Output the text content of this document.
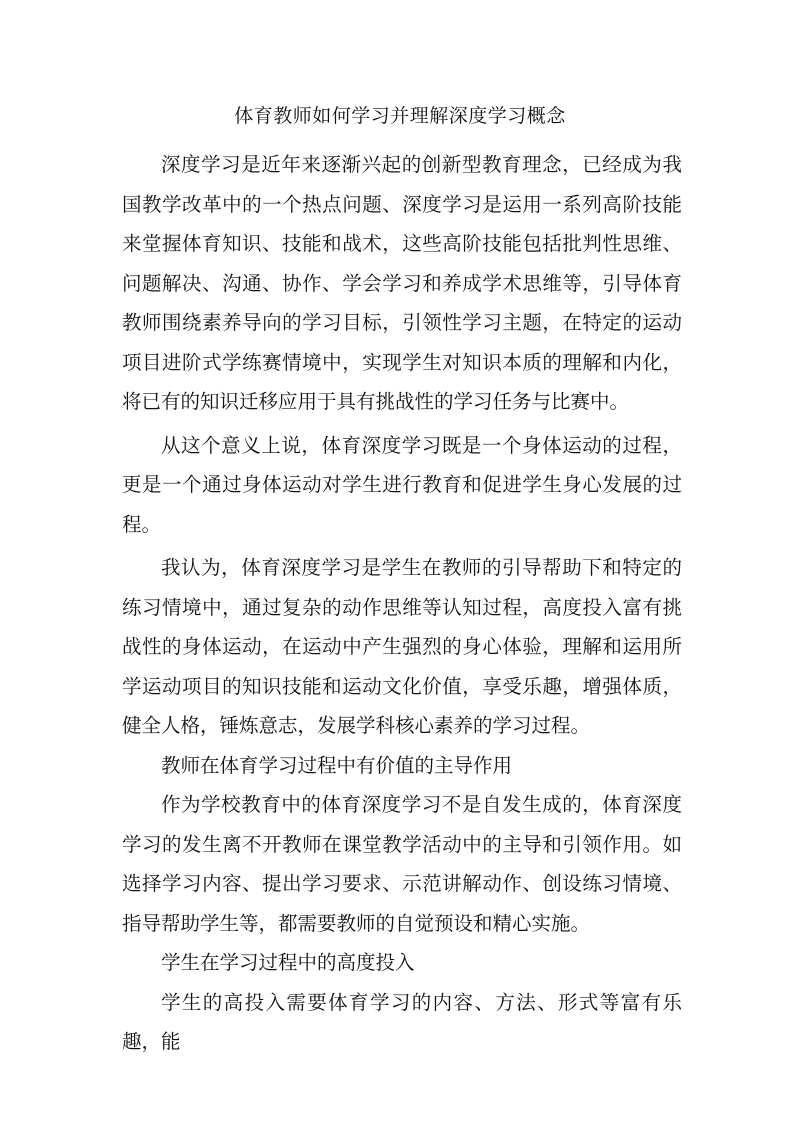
体育教师如何学习并理解深度学习概念

深度学习是近年来逐渐兴起的创新型教育理念，已经成为我国教学改革中的一个热点问题、深度学习是运用一系列高阶技能来堂握体育知识、技能和战术，这些高阶技能包括批判性思维、问题解决、沟通、协作、学会学习和养成学术思维等，引导体育教师围绕素养导向的学习目标，引领性学习主题，在特定的运动项目进阶式学练赛情境中，实现学生对知识本质的理解和内化，将已有的知识迁移应用于具有挑战性的学习任务与比赛中。

从这个意义上说，体育深度学习既是一个身体运动的过程，更是一个通过身体运动对学生进行教育和促进学生身心发展的过程。

我认为，体育深度学习是学生在教师的引导帮助下和特定的练习情境中，通过复杂的动作思维等认知过程，高度投入富有挑战性的身体运动，在运动中产生强烈的身心体验，理解和运用所学运动项目的知识技能和运动文化价值，享受乐趣，增强体质，健全人格，锤炼意志，发展学科核心素养的学习过程。

教师在体育学习过程中有价值的主导作用

作为学校教育中的体育深度学习不是自发生成的，体育深度学习的发生离不开教师在课堂教学活动中的主导和引领作用。如选择学习内容、提出学习要求、示范讲解动作、创设练习情境、指导帮助学生等，都需要教师的自觉预设和精心实施。

学生在学习过程中的高度投入

学生的高投入需要体育学习的内容、方法、形式等富有乐趣，能
